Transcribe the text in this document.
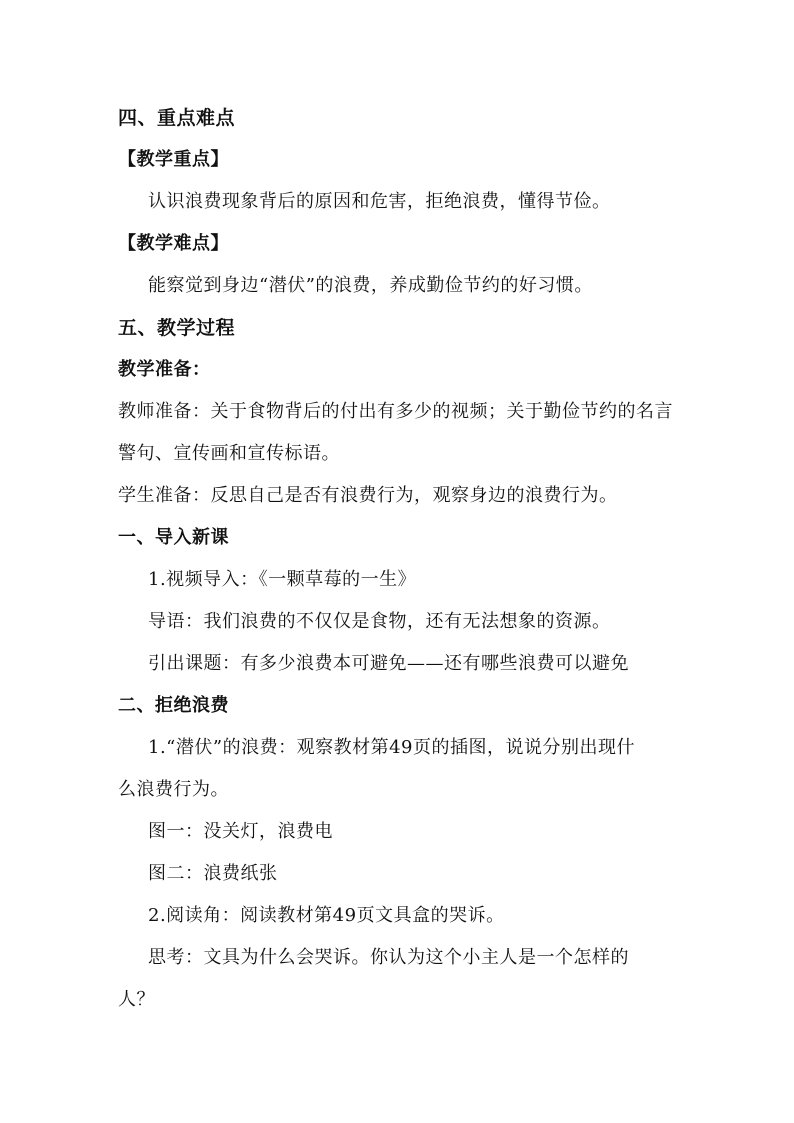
四、重点难点
【教学重点】
认识浪费现象背后的原因和危害，拒绝浪费，懂得节俭。
【教学难点】
能察觉到身边“潜伏”的浪费，养成勤俭节约的好习惯。
五、教学过程
教学准备：
教师准备：关于食物背后的付出有多少的视频；关于勤俭节约的名言
警句、宣传画和宣传标语。
学生准备：反思自己是否有浪费行为，观察身边的浪费行为。
一、导入新课
1.视频导入：《一颗草莓的一生》
导语：我们浪费的不仅仅是食物，还有无法想象的资源。
引出课题：有多少浪费本可避免——还有哪些浪费可以避免
二、拒绝浪费
1.“潜伏”的浪费：观察教材第49页的插图，说说分别出现什
么浪费行为。
图一：没关灯，浪费电
图二：浪费纸张
2.阅读角：阅读教材第49页文具盒的哭诉。
思考：文具为什么会哭诉。你认为这个小主人是一个怎样的
人？
